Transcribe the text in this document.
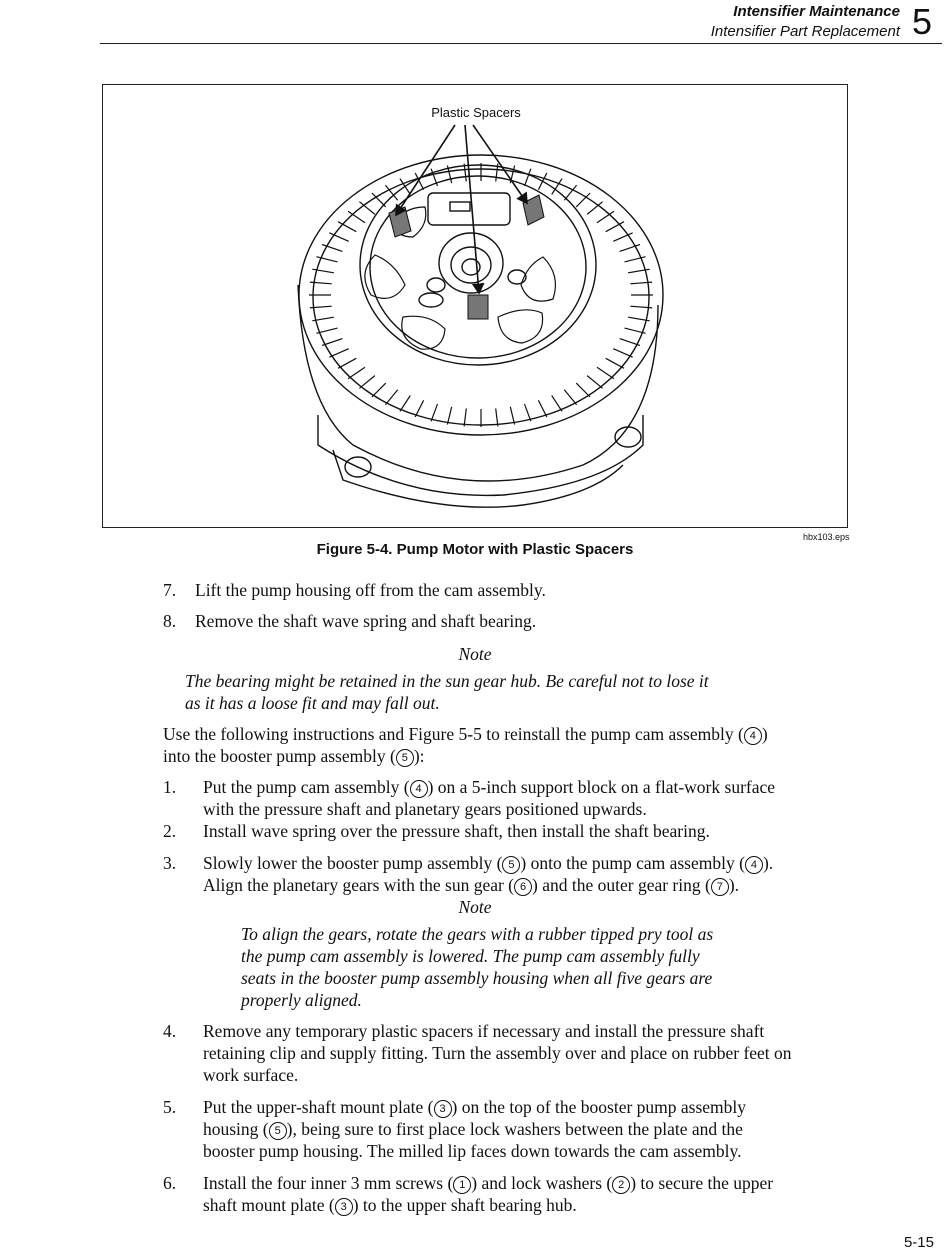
Intensifier Maintenance
Intensifier Part Replacement 5
Plastic Spacers
hbx103.eps
Figure 5-4. Pump Motor with Plastic Spacers
7. Lift the pump housing off from the cam assembly.
8. Remove the shaft wave spring and shaft bearing.
Note
The bearing might be retained in the sun gear hub. Be careful not to lose it
as it has a loose fit and may fall out.
Use the following instructions and Figure 5-5 to reinstall the pump cam assembly ( 4 )
into the booster pump assembly ( 5 ):
1. Put the pump cam assembly ( 4 ) on a 5-inch support block on a flat-work surface
with the pressure shaft and planetary gears positioned upwards.
2. Install wave spring over the pressure shaft, then install the shaft bearing.
3. Slowly lower the booster pump assembly ( 5 ) onto the pump cam assembly ( 4 ).
Align the planetary gears with the sun gear ( 6 ) and the outer gear ring ( 7 ).
Note
To align the gears, rotate the gears with a rubber tipped pry tool as
the pump cam assembly is lowered. The pump cam assembly fully
seats in the booster pump assembly housing when all five gears are
properly aligned.
4. Remove any temporary plastic spacers if necessary and install the pressure shaft
retaining clip and supply fitting. Turn the assembly over and place on rubber feet on
work surface.
5. Put the upper-shaft mount plate ( 3 ) on the top of the booster pump assembly
housing ( 5 ), being sure to first place lock washers between the plate and the
booster pump housing. The milled lip faces down towards the cam assembly.
6. Install the four inner 3 mm screws ( 1 ) and lock washers ( 2 ) to secure the upper
shaft mount plate ( 3 ) to the upper shaft bearing hub.
5-15
